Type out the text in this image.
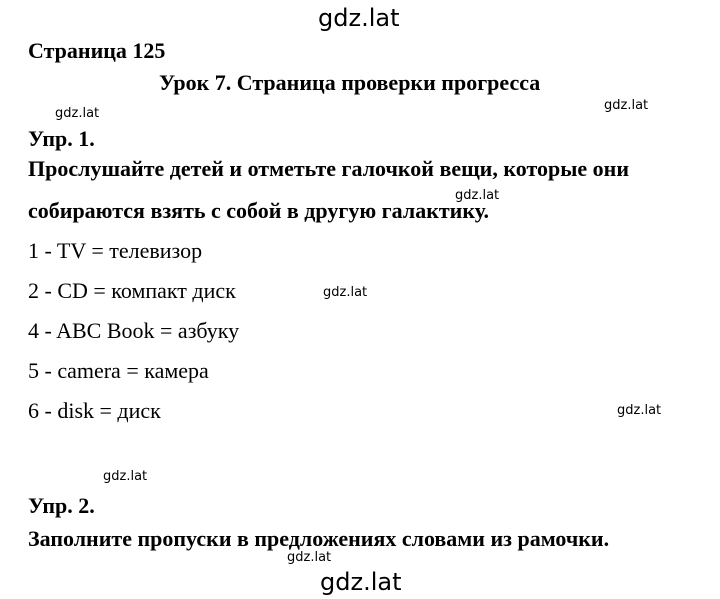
gdz.lat
gdz.lat
gdz.lat
gdz.lat
gdz.lat
gdz.lat
gdz.lat
gdz.lat
gdz.lat
Страница 125
Урок 7. Страница проверки прогресса
Упр. 1.
Прослушайте детей и отметьте галочкой вещи, которые они
собираются взять с собой в другую галактику.
1 - TV = телевизор
2 - CD = компакт диск
4 - ABC Book = азбуку
5 - camera = камера
6 - disk = диск
Упр. 2.
Заполните пропуски в предложениях словами из рамочки.
